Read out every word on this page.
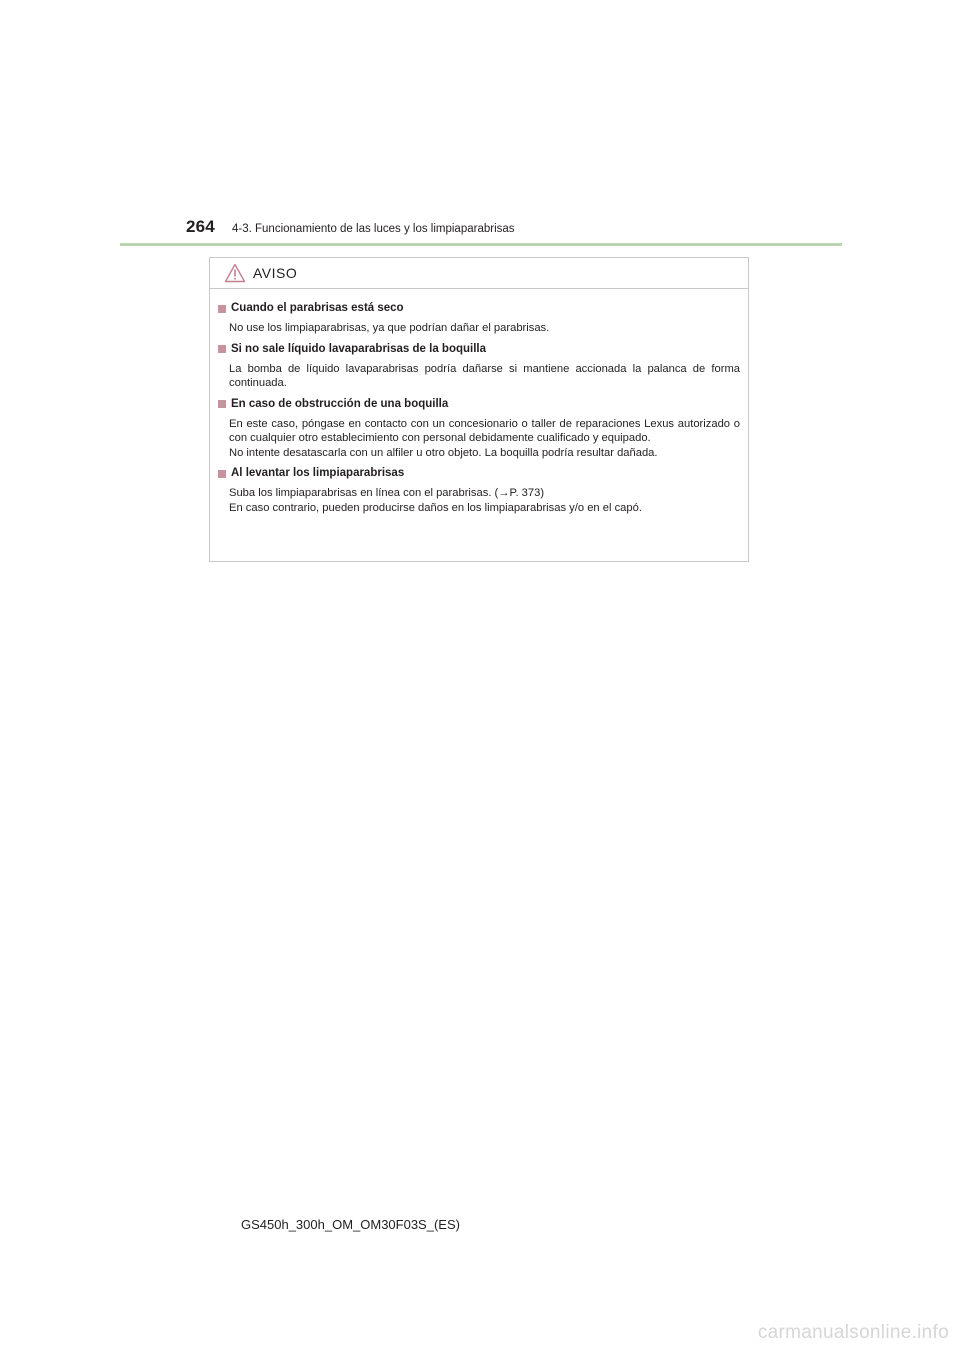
264 4-3. Funcionamiento de las luces y los limpiaparabrisas
AVISO
Cuando el parabrisas está seco

No use los limpiaparabrisas, ya que podrían dañar el parabrisas.

Si no sale líquido lavaparabrisas de la boquilla

La bomba de líquido lavaparabrisas podría dañarse si mantiene accionada la palanca de forma continuada.

En caso de obstrucción de una boquilla

En este caso, póngase en contacto con un concesionario o taller de reparaciones Lexus autorizado o con cualquier otro establecimiento con personal debidamente cualificado y equipado.

No intente desatascarla con un alfiler u otro objeto. La boquilla podría resultar dañada.

Al levantar los limpiaparabrisas

Suba los limpiaparabrisas en línea con el parabrisas. (→P. 373)

En caso contrario, pueden producirse daños en los limpiaparabrisas y/o en el capó.

GS450h_300h_OM_OM30F03S_(ES)
carmanualsonline.info
